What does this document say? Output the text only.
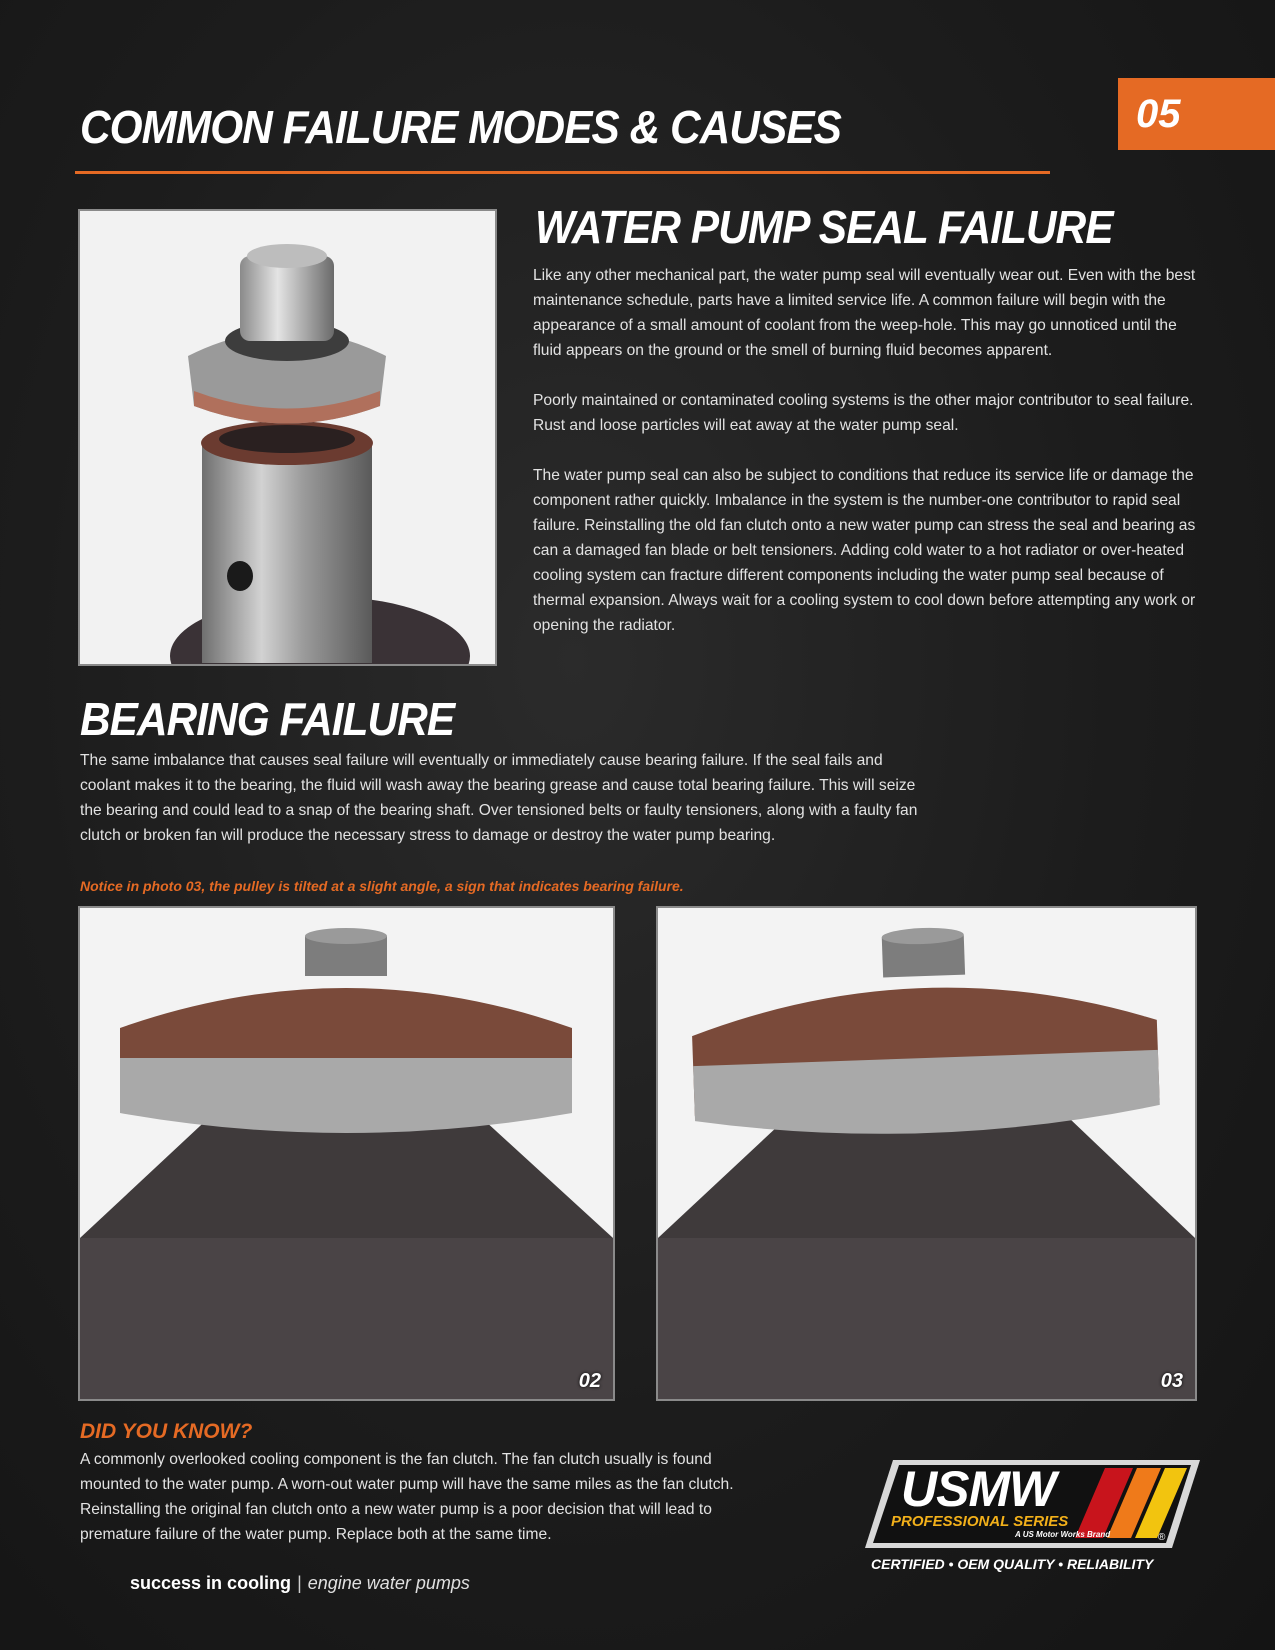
COMMON FAILURE MODES & CAUSES	05
WATER PUMP SEAL FAILURE

Like any other mechanical part, the water pump seal will eventually wear out. Even with the best maintenance schedule, parts have a limited service life. A common failure will begin with the appearance of a small amount of coolant from the weep-hole. This may go unnoticed until the fluid appears on the ground or the smell of burning fluid becomes apparent.

Poorly maintained or contaminated cooling systems is the other major contributor to seal failure. Rust and loose particles will eat away at the water pump seal.

The water pump seal can also be subject to conditions that reduce its service life or damage the component rather quickly. Imbalance in the system is the number-one contributor to rapid seal failure. Reinstalling the old fan clutch onto a new water pump can stress the seal and bearing as can a damaged fan blade or belt tensioners. Adding cold water to a hot radiator or over-heated cooling system can fracture different components including the water pump seal because of thermal expansion. Always wait for a cooling system to cool down before attempting any work or opening the radiator.

BEARING FAILURE

The same imbalance that causes seal failure will eventually or immediately cause bearing failure. If the seal fails and coolant makes it to the bearing, the fluid will wash away the bearing grease and cause total bearing failure. This will seize the bearing and could lead to a snap of the bearing shaft. Over tensioned belts or faulty tensioners, along with a faulty fan clutch or broken fan will produce the necessary stress to damage or destroy the water pump bearing.

Notice in photo 03, the pulley is tilted at a slight angle, a sign that indicates bearing failure.
02	03
DID YOU KNOW?

A commonly overlooked cooling component is the fan clutch. The fan clutch usually is found mounted to the water pump. A worn-out water pump will have the same miles as the fan clutch. Reinstalling the original fan clutch onto a new water pump is a poor decision that will lead to premature failure of the water pump. Replace both at the same time.

USMW
PROFESSIONAL SERIES
A US Motor Works Brand	®
CERTIFIED • OEM QUALITY • RELIABILITY
success in cooling | engine water pumps
